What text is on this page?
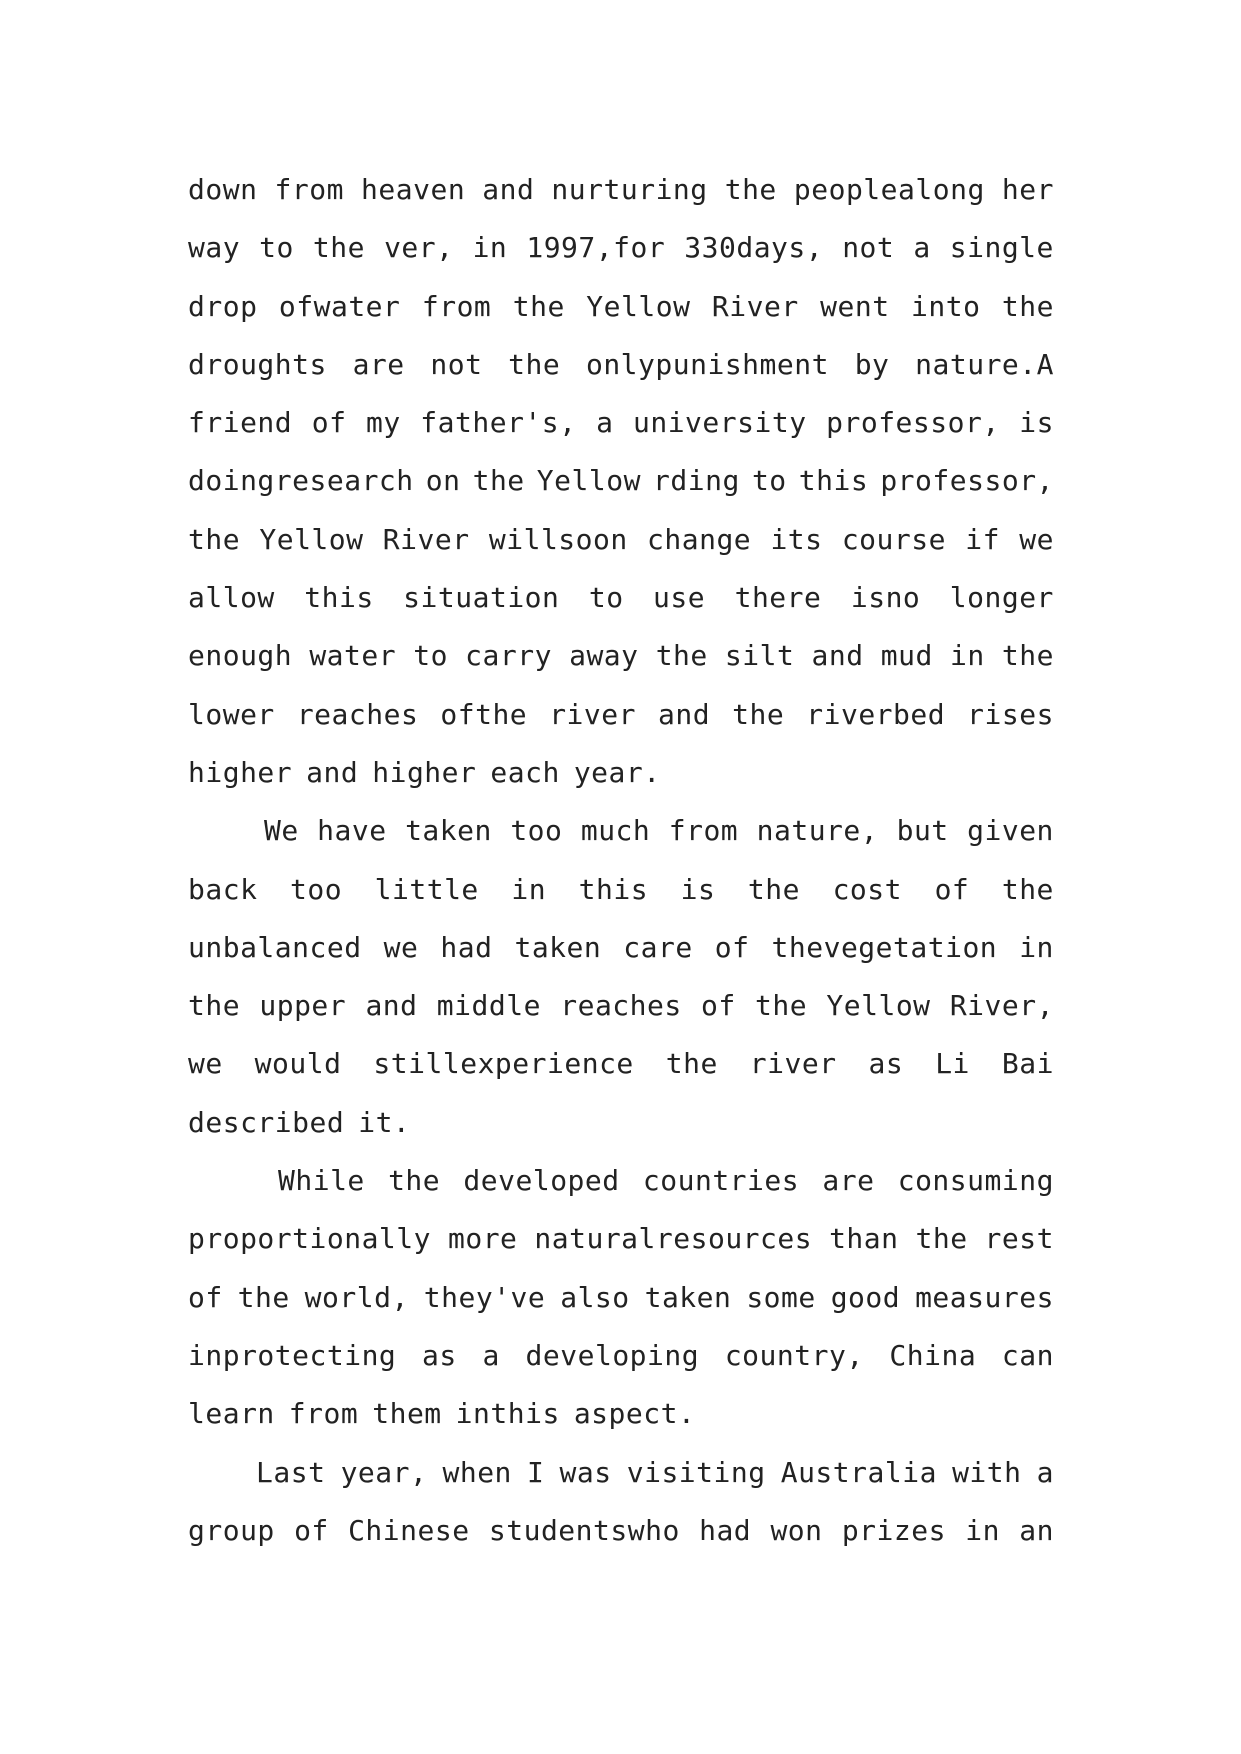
down from heaven and nurturing the peoplealong her
way to the ver, in 1997,for 330days, not a single
drop ofwater from the Yellow River went into the
droughts are not the onlypunishment by nature.A
friend of my father's, a university professor, is
doingresearch on the Yellow rding to this professor,
the Yellow River willsoon change its course if we
allow this situation to use there isno longer
enough water to carry away the silt and mud in the
lower reaches ofthe river and the riverbed rises
higher and higher each year.
We have taken too much from nature, but given
back too little in this is the cost of the
unbalanced we had taken care of thevegetation in
the upper and middle reaches of the Yellow River,
we would stillexperience the river as Li Bai
described it.
While the developed countries are consuming
proportionally more naturalresources than the rest
of the world, they've also taken some good measures
inprotecting as a developing country, China can
learn from them inthis aspect.
Last year, when I was visiting Australia with a
group of Chinese studentswho had won prizes in an
